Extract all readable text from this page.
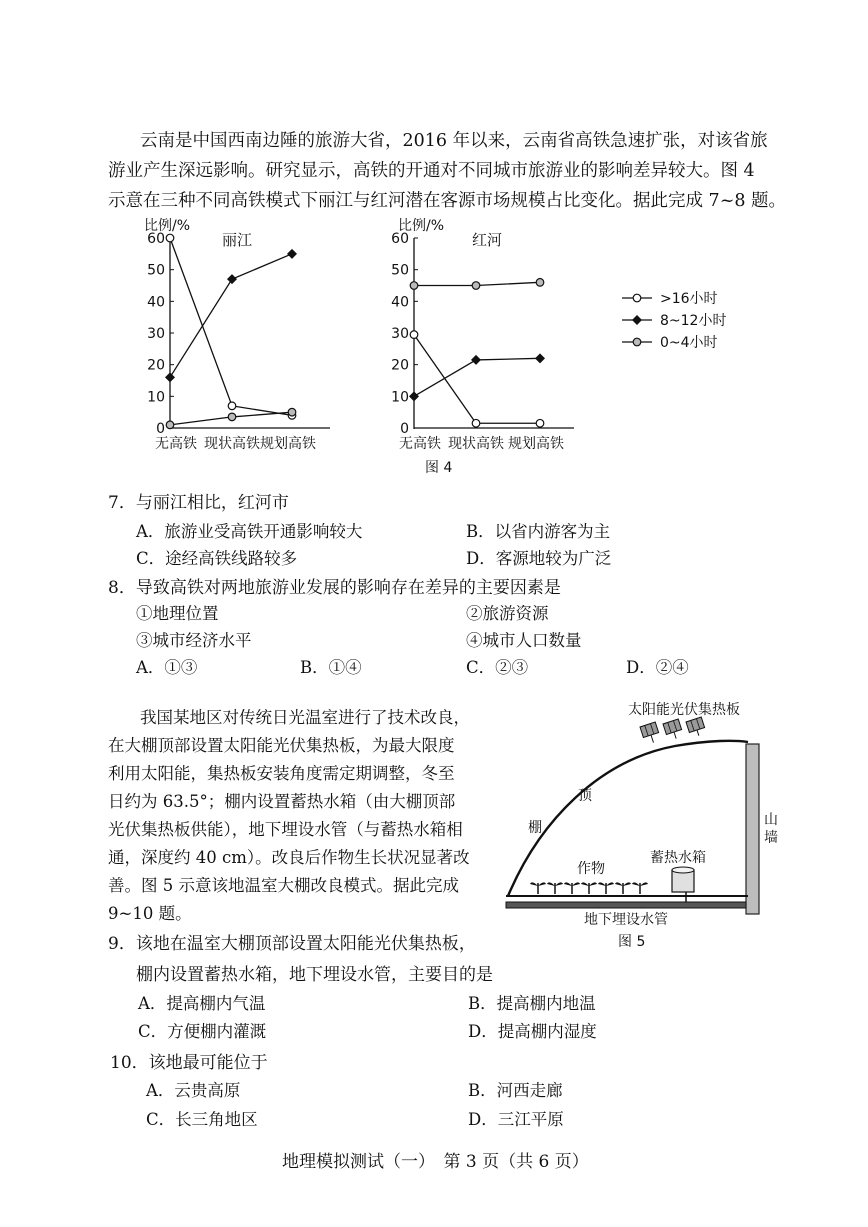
云南是中国西南边陲的旅游大省，2016 年以来，云南省高铁急速扩张，对该省旅
游业产生深远影响。研究显示，高铁的开通对不同城市旅游业的影响差异较大。图 4
示意在三种不同高铁模式下丽江与红河潜在客源市场规模占比变化。据此完成 7~8 题。
比例/%
丽江
0
10
20
30
40
50
60
无高铁 现状高铁 规划高铁
比例/%
红河
0
10
20
30
40
50
60
无高铁 现状高铁 规划高铁
>16小时
8~12小时
0~4小时
图 4
7．与丽江相比，红河市
A．旅游业受高铁开通影响较大	B．以省内游客为主
C．途经高铁线路较多	D．客源地较为广泛
8．导致高铁对两地旅游业发展的影响存在差异的主要因素是
①地理位置	②旅游资源
③城市经济水平	④城市人口数量
A．①③	B．①④	C．②③	D．②④
我国某地区对传统日光温室进行了技术改良，
在大棚顶部设置太阳能光伏集热板，为最大限度
利用太阳能，集热板安装角度需定期调整，冬至
日约为 63.5°；棚内设置蓄热水箱（由大棚顶部
光伏集热板供能），地下埋设水管（与蓄热水箱相
通，深度约 40 cm）。改良后作物生长状况显著改
善。图 5 示意该地温室大棚改良模式。据此完成
9~10 题。
太阳能光伏集热板
顶
棚	山
墙
作物
蓄热水箱
地下埋设水管
图 5
9．该地在温室大棚顶部设置太阳能光伏集热板，
棚内设置蓄热水箱，地下埋设水管，主要目的是
A．提高棚内气温	B．提高棚内地温
C．方便棚内灌溉	D．提高棚内湿度
10．该地最可能位于
A．云贵高原	B．河西走廊
C．长三角地区	D．三江平原
地理模拟测试（一）　第 3 页（共 6 页）
